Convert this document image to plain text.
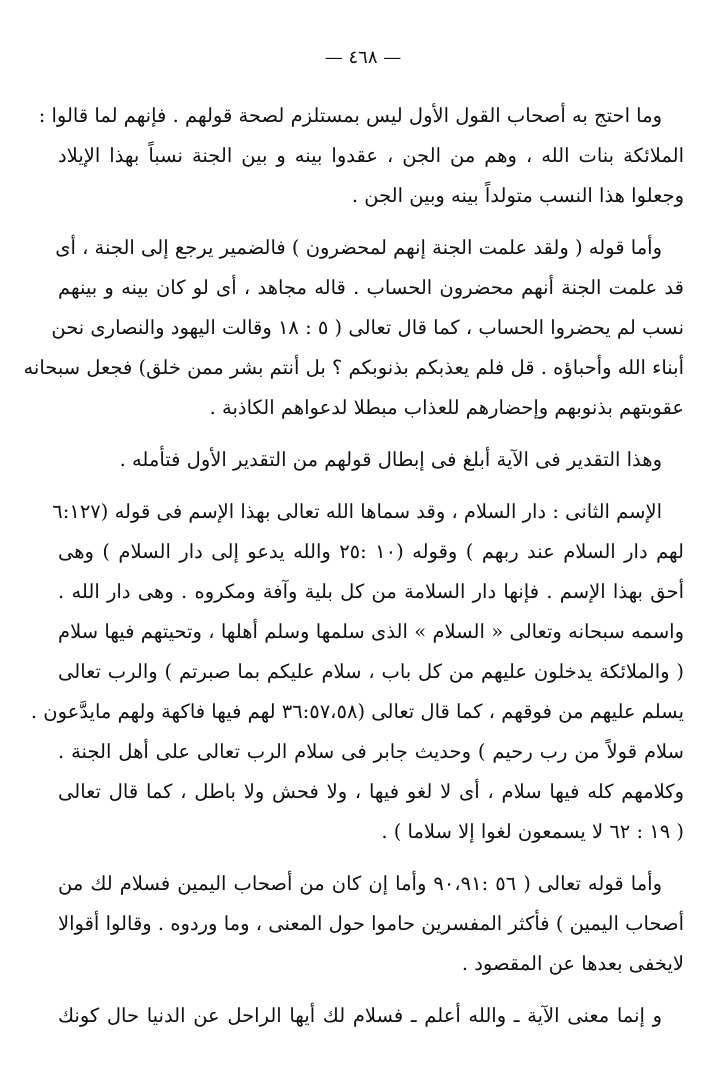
— ٤٦٨ —
وما احتج به أصحاب القول الأول ليس بمستلزم لصحة قولهم . فإنهم لما قالوا :
الملائكة بنات الله ، وهم من الجن ، عقدوا بينه و بين الجنة نسباً بهذا الإيلاد
وجعلوا هذا النسب متولداً بينه وبين الجن .
وأما قوله ( ولقد علمت الجنة إنهم لمحضرون ) فالضمير يرجع إلى الجنة ، أى
قد علمت الجنة أنهم محضرون الحساب . قاله مجاهد ، أى لو كان بينه و بينهم
نسب لم يحضروا الحساب ، كما قال تعالى ( ٥ : ١٨ وقالت اليهود والنصارى نحن
أبناء الله وأحباؤه . قل فلم يعذبكم بذنوبكم ؟ بل أنتم بشر ممن خلق) فجعل سبحانه
عقوبتهم بذنوبهم وإحضارهم للعذاب مبطلا لدعواهم الكاذبة .
وهذا التقدير فى الآية أبلغ فى إبطال قولهم من التقدير الأول فتأمله .
الإسم الثانى : دار السلام ، وقد سماها الله تعالى بهذا الإسم فى قوله (٦:١٢٧
لهم دار السلام عند ربهم ) وقوله (١٠ :٢٥ والله يدعو إلى دار السلام ) وهى
أحق بهذا الإسم . فإنها دار السلامة من كل بلية وآفة ومكروه . وهى دار الله .
واسمه سبحانه وتعالى « السلام » الذى سلمها وسلم أهلها ، وتحيتهم فيها سلام
( والملائكة يدخلون عليهم من كل باب ، سلام عليكم بما صبرتم ) والرب تعالى
يسلم عليهم من فوقهم ، كما قال تعالى (٣٦:٥٧،٥٨ لهم فيها فاكهة ولهم مايدَّعون .
سلام قولاً من رب رحيم ) وحديث جابر فى سلام الرب تعالى على أهل الجنة .
وكلامهم كله فيها سلام ، أى لا لغو فيها ، ولا فحش ولا باطل ، كما قال تعالى
( ١٩ : ٦٢ لا يسمعون لغوا إلا سلاما ) .
وأما قوله تعالى ( ٥٦ :٩٠،٩١ وأما إن كان من أصحاب اليمين فسلام لك من
أصحاب اليمين ) فأكثر المفسرين حاموا حول المعنى ، وما وردوه . وقالوا أقوالا
لايخفى بعدها عن المقصود .
و إنما معنى الآية ـ والله أعلم ـ فسلام لك أيها الراحل عن الدنيا حال كونك
